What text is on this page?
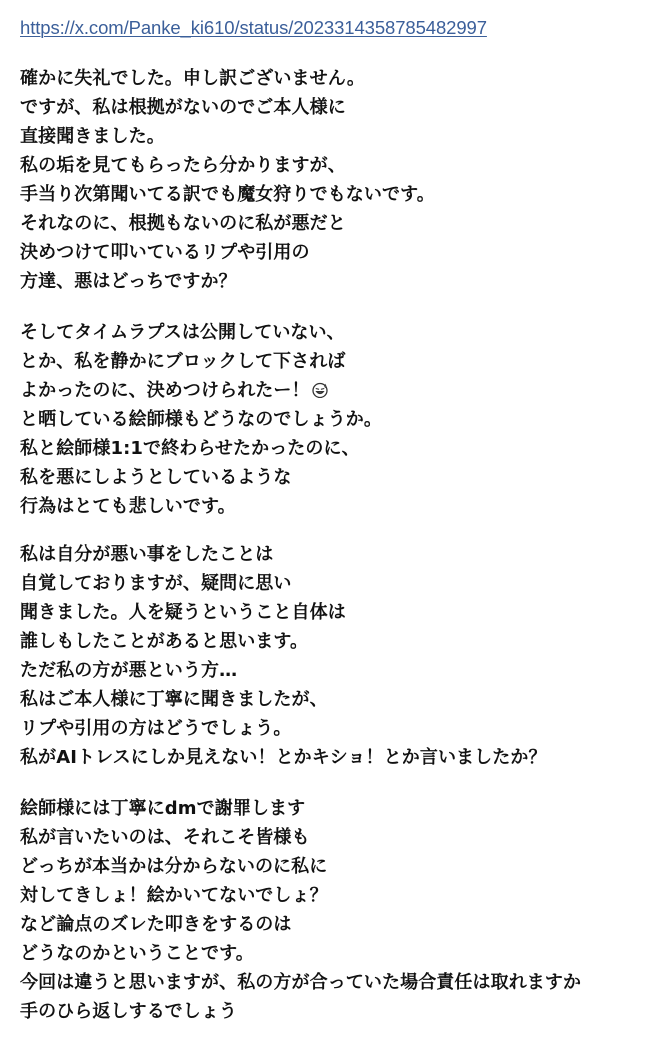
https://x.com/Panke_ki610/status/2023314358785482997
確かに失礼でした。申し訳ございません。
ですが、私は根拠がないのでご本人様に
直接聞きました。
私の垢を見てもらったら分かりますが、
手当り次第聞いてる訳でも魔女狩りでもないです。
それなのに、根拠もないのに私が悪だと
決めつけて叩いているリプや引用の
方達、悪はどっちですか？
そしてタイムラプスは公開していない、
とか、私を静かにブロックして下されば
よかったのに、決めつけられたー！
と晒している絵師様もどうなのでしょうか。
私と絵師様1:1で終わらせたかったのに、
私を悪にしようとしているような
行為はとても悲しいです。
私は自分が悪い事をしたことは
自覚しておりますが、疑問に思い
聞きました。人を疑うということ自体は
誰しもしたことがあると思います。
ただ私の方が悪という方…
私はご本人様に丁寧に聞きましたが、
リプや引用の方はどうでしょう。
私がAIトレスにしか見えない！とかキショ！とか言いましたか？
絵師様には丁寧にdmで謝罪します
私が言いたいのは、それこそ皆様も
どっちが本当かは分からないのに私に
対してきしょ！絵かいてないでしょ？
など論点のズレた叩きをするのは
どうなのかということです。
今回は違うと思いますが、私の方が合っていた場合責任は取れますか
手のひら返しするでしょう
